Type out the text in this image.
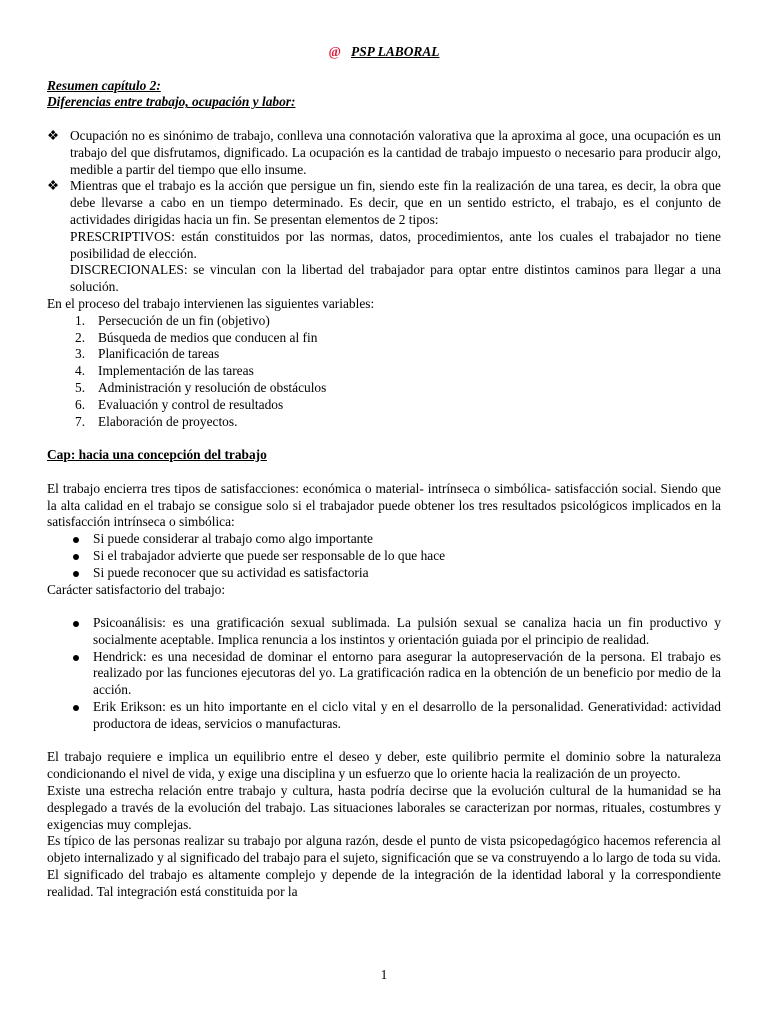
@ PSP LABORAL
Resumen capítulo 2:
Diferencias entre trabajo, ocupación y labor:
❖ Ocupación no es sinónimo de trabajo, conlleva una connotación valorativa que la aproxima al goce, una ocupación es un trabajo del que disfrutamos, dignificado. La ocupación es la cantidad de trabajo impuesto o necesario para producir algo, medible a partir del tiempo que ello insume.
❖ Mientras que el trabajo es la acción que persigue un fin, siendo este fin la realización de una tarea, es decir, la obra que debe llevarse a cabo en un tiempo determinado. Es decir, que en un sentido estricto, el trabajo, es el conjunto de actividades dirigidas hacia un fin. Se presentan elementos de 2 tipos:
PRESCRIPTIVOS: están constituidos por las normas, datos, procedimientos, ante los cuales el trabajador no tiene posibilidad de elección.
DISCRECIONALES: se vinculan con la libertad del trabajador para optar entre distintos caminos para llegar a una solución.

En el proceso del trabajo intervienen las siguientes variables:

1. Persecución de un fin (objetivo)
2. Búsqueda de medios que conducen al fin
3. Planificación de tareas
4. Implementación de las tareas
5. Administración y resolución de obstáculos
6. Evaluación y control de resultados
7. Elaboración de proyectos.
Cap: hacia una concepción del trabajo

El trabajo encierra tres tipos de satisfacciones: económica o material- intrínseca o simbólica- satisfacción social. Siendo que la alta calidad en el trabajo se consigue solo si el trabajador puede obtener los tres resultados psicológicos implicados en la satisfacción intrínseca o simbólica:

Si puede considerar al trabajo como algo importante
Si el trabajador advierte que puede ser responsable de lo que hace
Si puede reconocer que su actividad es satisfactoria

Carácter satisfactorio del trabajo:

Psicoanálisis: es una gratificación sexual sublimada. La pulsión sexual se canaliza hacia un fin productivo y socialmente aceptable. Implica renuncia a los instintos y orientación guiada por el principio de realidad.
Hendrick: es una necesidad de dominar el entorno para asegurar la autopreservación de la persona. El trabajo es realizado por las funciones ejecutoras del yo. La gratificación radica en la obtención de un beneficio por medio de la acción.
Erik Erikson: es un hito importante en el ciclo vital y en el desarrollo de la personalidad. Generatividad: actividad productora de ideas, servicios o manufacturas.

El trabajo requiere e implica un equilibrio entre el deseo y deber, este quilibrio permite el dominio sobre la naturaleza condicionando el nivel de vida, y exige una disciplina y un esfuerzo que lo oriente hacia la realización de un proyecto.

Existe una estrecha relación entre trabajo y cultura, hasta podría decirse que la evolución cultural de la humanidad se ha desplegado a través de la evolución del trabajo. Las situaciones laborales se caracterizan por normas, rituales, costumbres y exigencias muy complejas.

Es típico de las personas realizar su trabajo por alguna razón, desde el punto de vista psicopedagógico hacemos referencia al objeto internalizado y al significado del trabajo para el sujeto, significación que se va construyendo a lo largo de toda su vida. El significado del trabajo es altamente complejo y depende de la integración de la identidad laboral y la correspondiente realidad. Tal integración está constituida por la

1
